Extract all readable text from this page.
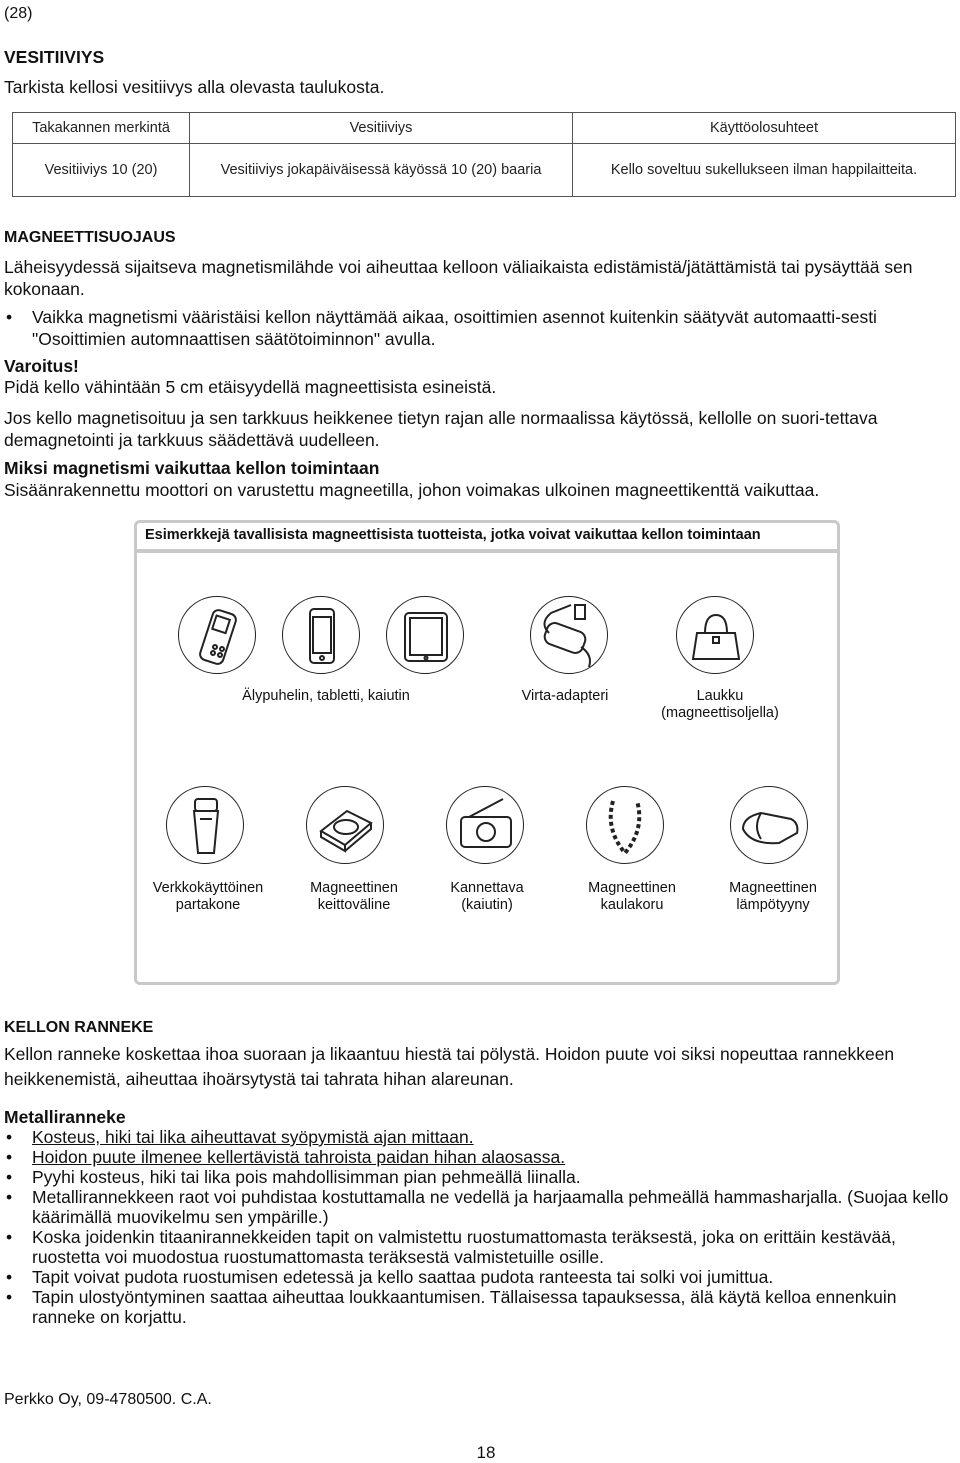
(28)
VESITIIVIYS
Tarkista kellosi vesitiivys alla olevasta taulukosta.
Takakannen merkintä	Vesitiiviys	Käyttöolosuhteet
Vesitiiviys 10 (20)	Vesitiiviys jokapäiväisessä käyössä 10 (20) baaria	Kello soveltuu sukellukseen ilman happilaitteita.
MAGNEETTISUOJAUS
Läheisyydessä sijaitseva magnetismilähde voi aiheuttaa kelloon väliaikaista edistämistä/jätättämistä tai pysäyttää sen kokonaan.
•	Vaikka magnetismi vääristäisi kellon näyttämää aikaa, osoittimien asennot kuitenkin säätyvät automaatti-sesti "Osoittimien automnaattisen säätötoiminnon" avulla.
Varoitus!
Pidä kello vähintään 5 cm etäisyydellä magneettisista esineistä.
Jos kello magnetisoituu ja sen tarkkuus heikkenee tietyn rajan alle normaalissa käytössä, kellolle on suori-tettava demagnetointi ja tarkkuus säädettävä uudelleen.
Miksi magnetismi vaikuttaa kellon toimintaan
Sisäänrakennettu moottori on varustettu magneetilla, johon voimakas ulkoinen magneettikenttä vaikuttaa.
Esimerkkejä tavallisista magneettisista tuotteista, jotka voivat vaikuttaa kellon toimintaan
Älypuhelin, tabletti, kaiutin	Virta-adapteri	Laukku
(magneettisoljella)
Verkkokäyttöinen
partakone
Magneettinen
keittoväline
Kannettava
(kaiutin)
Magneettinen
kaulakoru
Magneettinen
lämpötyyny
KELLON RANNEKE
Kellon ranneke koskettaa ihoa suoraan ja likaantuu hiestä tai pölystä. Hoidon puute voi siksi nopeuttaa rannekkeen heikkenemistä, aiheuttaa ihoärsytystä tai tahrata hihan alareunan.
Metalliranneke
• Kosteus, hiki tai lika aiheuttavat syöpymistä ajan mittaan.
• Hoidon puute ilmenee kellertävistä tahroista paidan hihan alaosassa.
• Pyyhi kosteus, hiki tai lika pois mahdollisimman pian pehmeällä liinalla.
• Metallirannekkeen raot voi puhdistaa kostuttamalla ne vedellä ja harjaamalla pehmeällä hammasharjalla. (Suojaa kello käärimällä muovikelmu sen ympärille.)
• Koska joidenkin titaanirannekkeiden tapit on valmistettu ruostumattomasta teräksestä, joka on erittäin kestävää, ruostetta voi muodostua ruostumattomasta teräksestä valmistetuille osille.
• Tapit voivat pudota ruostumisen edetessä ja kello saattaa pudota ranteesta tai solki voi jumittua.
• Tapin ulostyöntyminen saattaa aiheuttaa loukkaantumisen. Tällaisessa tapauksessa, älä käytä kelloa ennenkuin ranneke on korjattu.
Perkko Oy, 09-4780500. C.A.
18
